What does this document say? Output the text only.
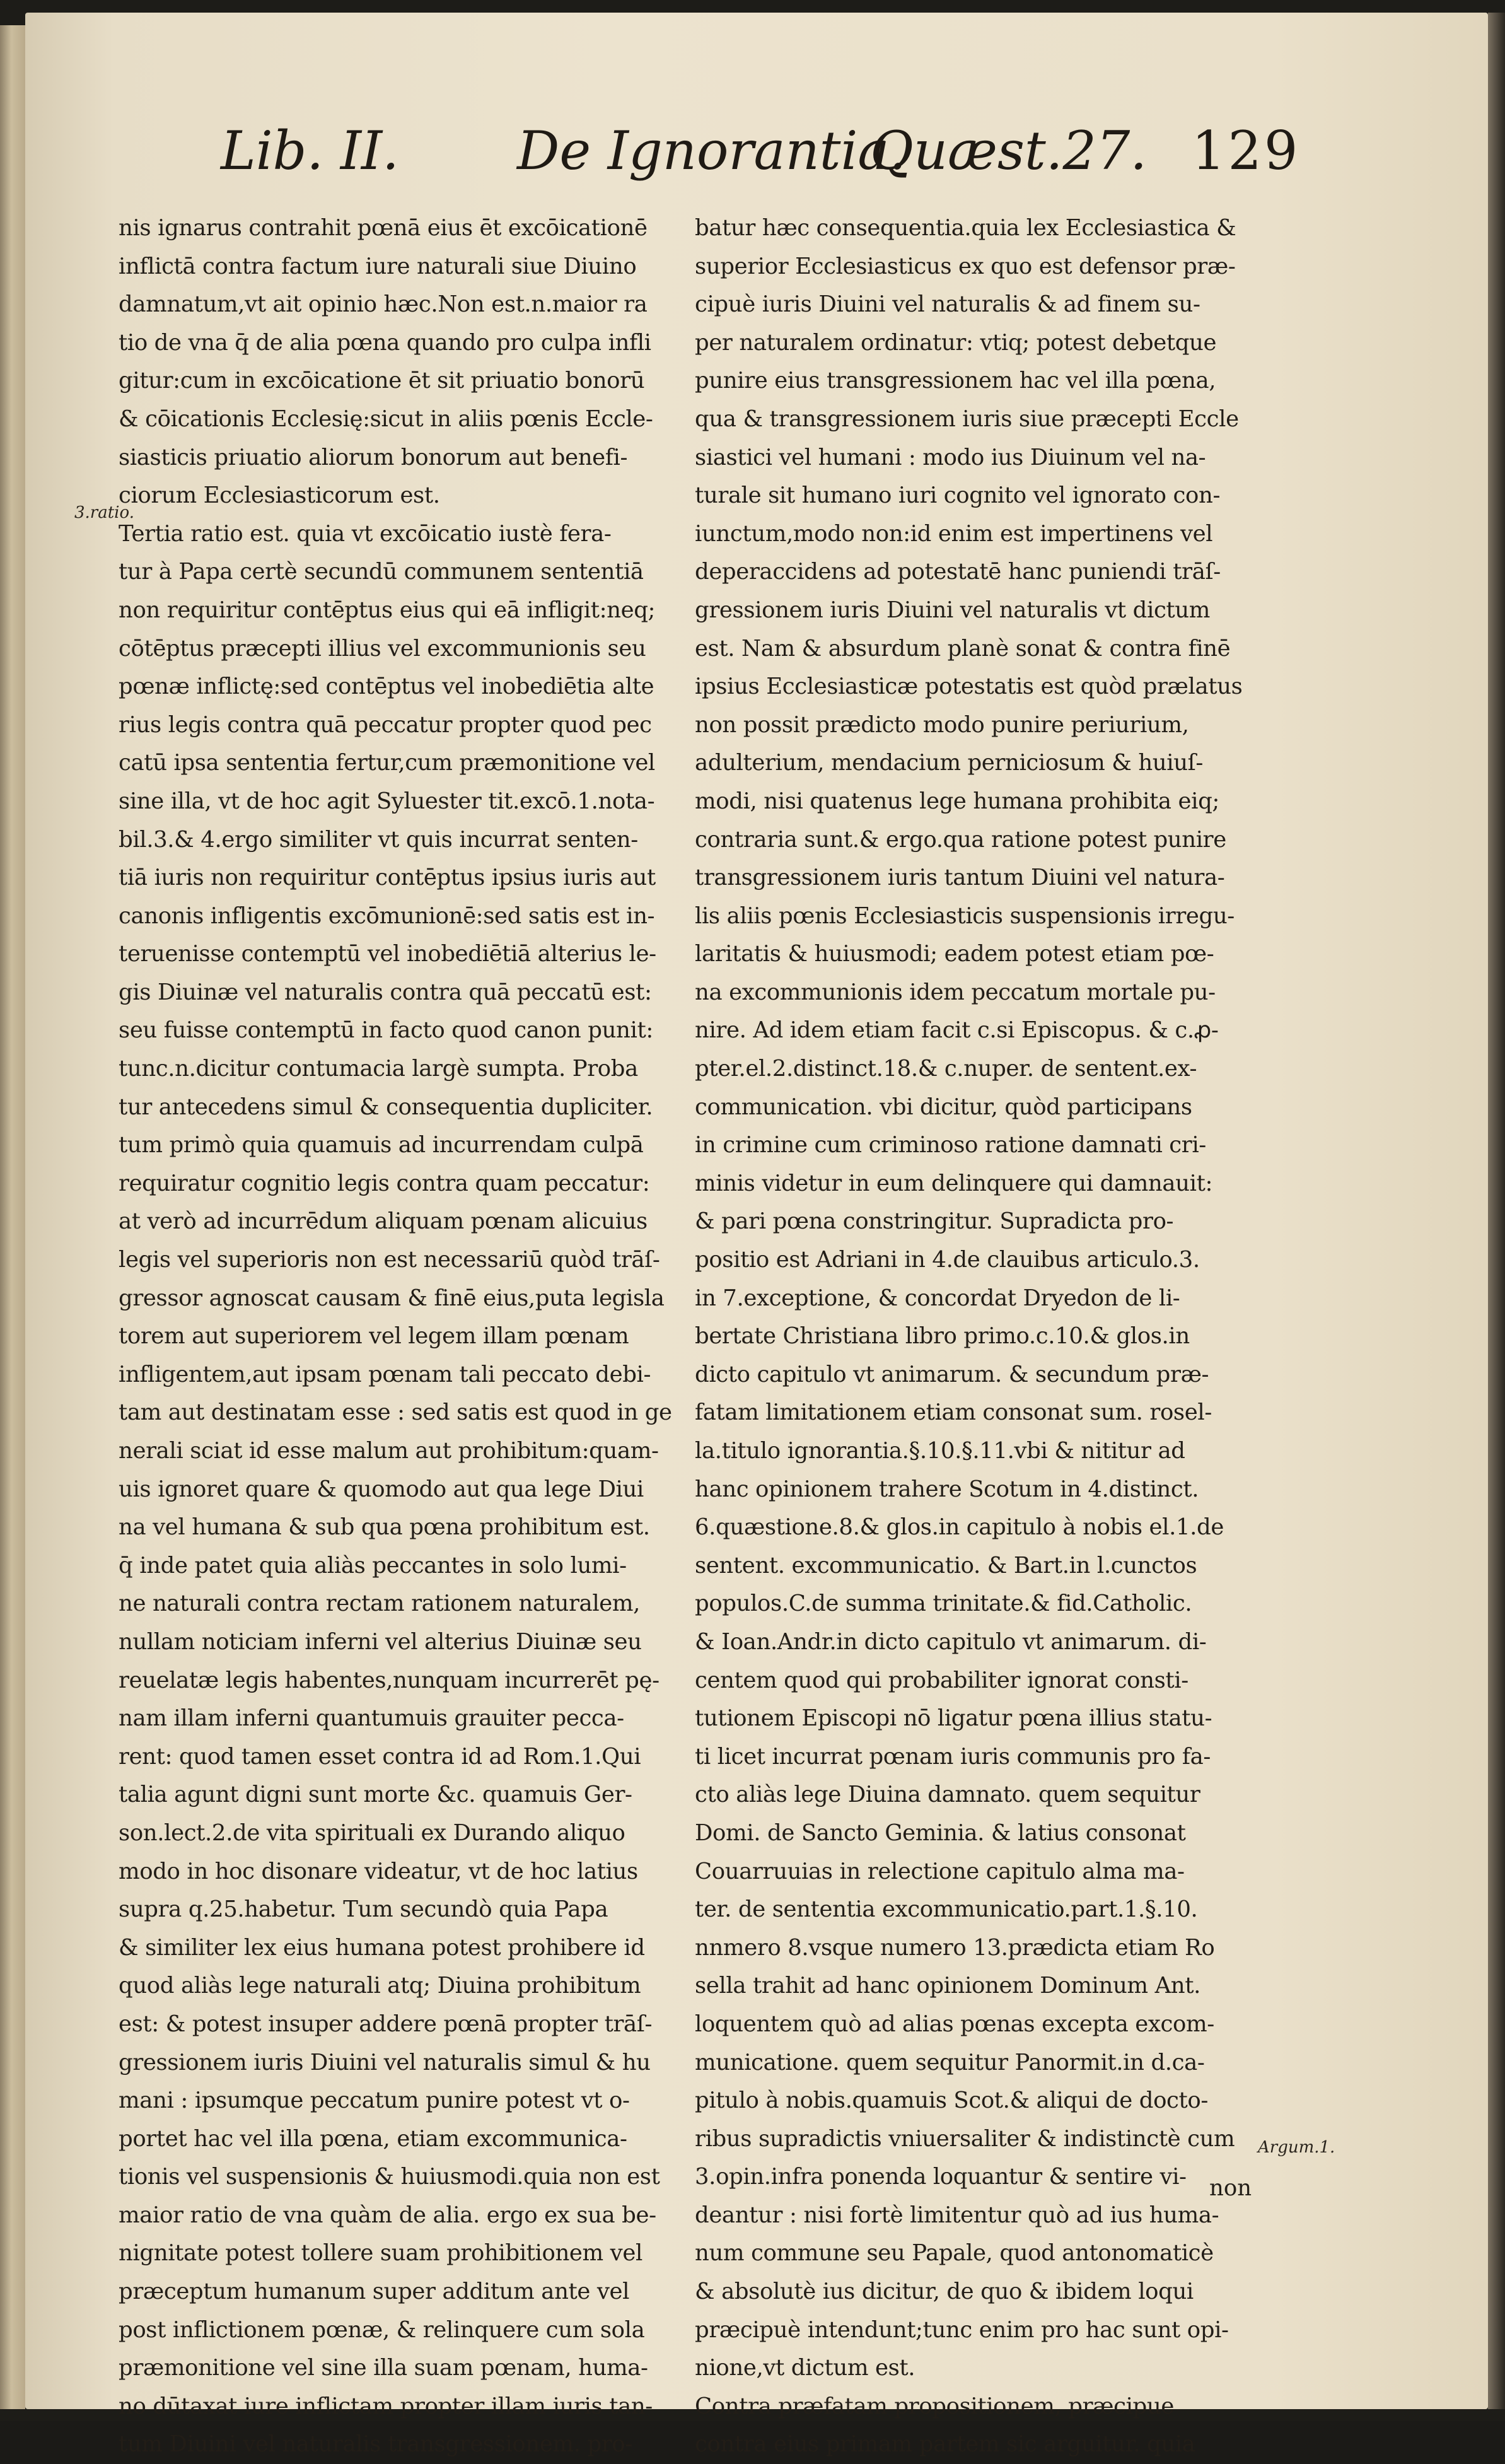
Lib. II. De Ignorantia.
Quæst.27. 129
3.ratio.
Argum.1.
nis ignarus contrahit pœnā eius ēt excōicationē
inflictā contra factum iure naturali siue Diuino
damnatum,vt ait opinio hæc.Non est.n.maior ra
tio de vna q̄ de alia pœna quando pro culpa infli
gitur:cum in excōicatione ēt sit priuatio bonorū
& cōicationis Ecclesię:sicut in aliis pœnis Eccle-
siasticis priuatio aliorum bonorum aut benefi-
ciorum Ecclesiasticorum est.
Tertia ratio est. quia vt excōicatio iustè fera-
tur à Papa certè secundū communem sententiā
non requiritur contēptus eius qui eā infligit:neq;
cōtēptus præcepti illius vel excommunionis seu
pœnæ inflictę:sed contēptus vel inobediētia alte
rius legis contra quā peccatur propter quod pec
catū ipsa sententia fertur,cum præmonitione vel
sine illa, vt de hoc agit Syluester tit.excō.1.nota-
bil.3.& 4.ergo similiter vt quis incurrat senten-
tiā iuris non requiritur contēptus ipsius iuris aut
canonis infligentis excōmunionē:sed satis est in-
teruenisse contemptū vel inobediētiā alterius le-
gis Diuinæ vel naturalis contra quā peccatū est:
seu fuisse contemptū in facto quod canon punit:
tunc.n.dicitur contumacia largè sumpta. Proba
tur antecedens simul & consequentia dupliciter.
tum primò quia quamuis ad incurrendam culpā
requiratur cognitio legis contra quam peccatur:
at verò ad incurrēdum aliquam pœnam alicuius
legis vel superioris non est necessariū quòd trāſ-
gressor agnoscat causam & finē eius,puta legisla
torem aut superiorem vel legem illam pœnam
infligentem,aut ipsam pœnam tali peccato debi-
tam aut destinatam esse : sed satis est quod in ge
nerali sciat id esse malum aut prohibitum:quam-
uis ignoret quare & quomodo aut qua lege Diui
na vel humana & sub qua pœna prohibitum est.
q̄ inde patet quia aliàs peccantes in solo lumi-
ne naturali contra rectam rationem naturalem,
nullam noticiam inferni vel alterius Diuinæ seu
reuelatæ legis habentes,nunquam incurrerēt pę-
nam illam inferni quantumuis grauiter pecca-
rent: quod tamen esset contra id ad Rom.1.Qui
talia agunt digni sunt morte &c. quamuis Ger-
son.lect.2.de vita spirituali ex Durando aliquo
modo in hoc disonare videatur, vt de hoc latius
supra q.25.habetur. Tum secundò quia Papa
& similiter lex eius humana potest prohibere id
quod aliàs lege naturali atq; Diuina prohibitum
est: & potest insuper addere pœnā propter trāſ-
gressionem iuris Diuini vel naturalis simul & hu
mani : ipsumque peccatum punire potest vt o-
portet hac vel illa pœna, etiam excommunica-
tionis vel suspensionis & huiusmodi.quia non est
maior ratio de vna quàm de alia. ergo ex sua be-
nignitate potest tollere suam prohibitionem vel
præceptum humanum super additum ante vel
post inflictionem pœnæ, & relinquere cum sola
præmonitione vel sine illa suam pœnam, huma-
no dūtaxat iure inflictam propter illam iuris tan-
tum Diuini vel naturalis transgressionem. pro-
batur hæc consequentia.quia lex Ecclesiastica &
superior Ecclesiasticus ex quo est defensor præ-
cipuè iuris Diuini vel naturalis & ad finem su-
per naturalem ordinatur: vtiq; potest debetque
punire eius transgressionem hac vel illa pœna,
qua & transgressionem iuris siue præcepti Eccle
siastici vel humani : modo ius Diuinum vel na-
turale sit humano iuri cognito vel ignorato con-
iunctum,modo non:id enim est impertinens vel
deperaccidens ad potestatē hanc puniendi trāſ-
gressionem iuris Diuini vel naturalis vt dictum
est. Nam & absurdum planè sonat & contra finē
ipsius Ecclesiasticæ potestatis est quòd prælatus
non possit prædicto modo punire periurium,
adulterium, mendacium perniciosum & huiuſ-
modi, nisi quatenus lege humana prohibita eiq;
contraria sunt.& ergo.qua ratione potest punire
transgressionem iuris tantum Diuini vel natura-
lis aliis pœnis Ecclesiasticis suspensionis irregu-
laritatis & huiusmodi; eadem potest etiam pœ-
na excommunionis idem peccatum mortale pu-
nire. Ad idem etiam facit c.si Episcopus. & c.ꝓ-
pter.el.2.distinct.18.& c.nuper. de sentent.ex-
communication. vbi dicitur, quòd participans
in crimine cum criminoso ratione damnati cri-
minis videtur in eum delinquere qui damnauit:
& pari pœna constringitur. Supradicta pro-
positio est Adriani in 4.de clauibus articulo.3.
in 7.exceptione, & concordat Dryedon de li-
bertate Christiana libro primo.c.10.& glos.in
dicto capitulo vt animarum. & secundum præ-
fatam limitationem etiam consonat sum. rosel-
la.titulo ignorantia.§.10.§.11.vbi & nititur ad
hanc opinionem trahere Scotum in 4.distinct.
6.quæstione.8.& glos.in capitulo à nobis el.1.de
sentent. excommunicatio. & Bart.in l.cunctos
populos.C.de summa trinitate.& fid.Catholic.
& Ioan.Andr.in dicto capitulo vt animarum. di-
centem quod qui probabiliter ignorat consti-
tutionem Episcopi nō ligatur pœna illius statu-
ti licet incurrat pœnam iuris communis pro fa-
cto aliàs lege Diuina damnato. quem sequitur
Domi. de Sancto Geminia. & latius consonat
Couarruuias in relectione capitulo alma ma-
ter. de sententia excommunicatio.part.1.§.10.
nnmero 8.vsque numero 13.prædicta etiam Ro
sella trahit ad hanc opinionem Dominum Ant.
loquentem quò ad alias pœnas excepta excom-
municatione. quem sequitur Panormit.in d.ca-
pitulo à nobis.quamuis Scot.& aliqui de docto-
ribus supradictis vniuersaliter & indistinctè cum
3.opin.infra ponenda loquantur & sentire vi-
deantur : nisi fortè limitentur quò ad ius huma-
num commune seu Papale, quod antonomaticè
& absolutè ius dicitur, de quo & ibidem loqui
præcipuè intendunt;tunc enim pro hac sunt opi-
nione,vt dictum est.
Contra præfatam propositionem, præcipue
contra eius primam partem sic arguitur. quia
non
